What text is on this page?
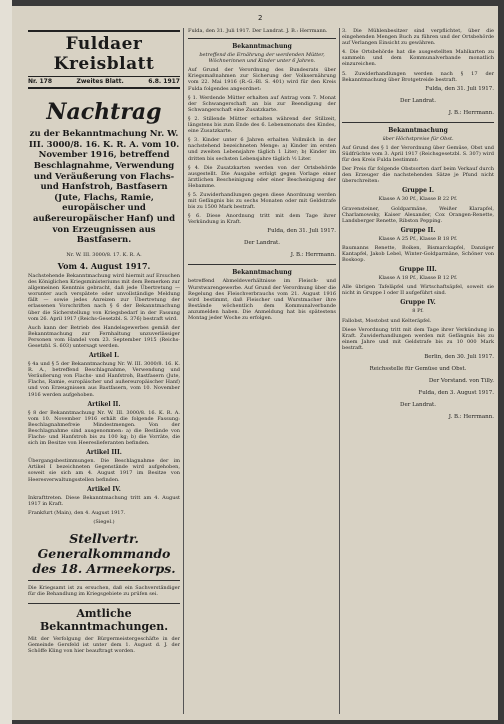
2
Fuldaer Kreisblatt
Nr. 178	Zweites Blatt.	6.8. 1917
Nachtrag
zu der Bekanntmachung Nr. W. III. 3000/8. 16. K. R. A. vom 10. November 1916, betreffend Beschlagnahme, Verwendung und Veräußerung von Flachs- und Hanfstroh, Bastfasern (Jute, Flachs, Ramie, europäischer und außereuropäischer Hanf) und von Erzeugnissen aus Bastfasern.
Nr. W. III. 3000/8. 17. K. R. A.
Vom 4. August 1917.

Nachstehende Bekanntmachung wird hiermit auf Ersuchen des Königlichen Kriegsministeriums mit dem Bemerken zur allgemeinen Kenntnis gebracht, daß jede Übertretung — worunter auch verspätete oder unvollständige Meldung fällt — sowie jedes Anreizen zur Übertretung der erlassenen Vorschriften nach § 6 der Bekanntmachung über die Sicherstellung von Kriegsbedarf in der Fassung vom 26. April 1917 (Reichs-Gesetzbl. S. 376) bestraft wird.

Auch kann der Betrieb des Handelsgewerbes gemäß der Bekanntmachung zur Fernhaltung unzuverlässiger Personen vom Handel vom 23. September 1915 (Reichs-Gesetzbl. S. 603) untersagt werden.

Artikel I.

§ 4a und § 5 der Bekanntmachung Nr. W. III. 3000/8. 16. K. R. A., betreffend Beschlagnahme, Verwendung und Veräußerung von Flachs- und Hanfstroh, Bastfasern (Jute, Flachs, Ramie, europäischer und außereuropäischer Hanf) und von Erzeugnissen aus Bastfasern, vom 10. November 1916 werden aufgehoben.

Artikel II.

§ 8 der Bekanntmachung Nr. W. III. 3000/8. 16. K. R. A. vom 10. November 1916 erhält die folgende Fassung: Beschlagnahmefreie Mindestmengen. Von der Beschlagnahme sind ausgenommen: a) die Bestände von Flachs- und Hanfstroh bis zu 100 kg; b) die Vorräte, die sich im Besitze von Heereslieferanten befinden.

Artikel III.

Übergangsbestimmungen. Die Beschlagnahme der im Artikel I bezeichneten Gegenstände wird aufgehoben, soweit sie sich am 4. August 1917 im Besitze von Heeresverwaltungsstellen befinden.

Artikel IV.

Inkrafttreten. Diese Bekanntmachung tritt am 4. August 1917 in Kraft.

Frankfurt (Main), den 4. August 1917.

(Siegel.)

Stellvertr. Generalkommando des 18. Armeekorps.

Die Kriegsamt ist zu ersuchen, daß ein Sachverständiger für die Behandlung im Kriegsgebiete zu prüfen sei.

Amtliche Bekanntmachungen.

Mit der Verfolgung der Bürgermeistergeschäfte in der Gemeinde Gersfeld ist unter dem 1. August d. J. der Schöffe Kling von hier beauftragt worden.

Fulda, den 31. Juli 1917. Der Landrat. J. B.: Herrmann.

Bekanntmachung

betreffend die Ernährung der werdenden Mütter, Wöchnerinnen und Kinder unter 6 Jahren.

Auf Grund der Verordnung des Bundesrats über Kriegsmaßnahmen zur Sicherung der Volksernährung vom 22. Mai 1916 (R.-G.-Bl. S. 401) wird für den Kreis Fulda folgendes angeordnet:

§ 1. Werdende Mütter erhalten auf Antrag vom 7. Monat der Schwangerschaft an bis zur Beendigung der Schwangerschaft eine Zusatzkarte.

§ 2. Stillende Mütter erhalten während der Stillzeit, längstens bis zum Ende des 6. Lebensmonats des Kindes, eine Zusatzkarte.

§ 3. Kinder unter 6 Jahren erhalten Vollmilch in der nachstehend bezeichneten Menge: a) Kinder im ersten und zweiten Lebensjahre täglich 1 Liter; b) Kinder im dritten bis sechsten Lebensjahre täglich ½ Liter.

§ 4. Die Zusatzkarten werden von der Ortsbehörde ausgestellt. Die Ausgabe erfolgt gegen Vorlage einer ärztlichen Bescheinigung oder einer Bescheinigung der Hebamme.

§ 5. Zuwiderhandlungen gegen diese Anordnung werden mit Gefängnis bis zu sechs Monaten oder mit Geldstrafe bis zu 1500 Mark bestraft.

§ 6. Diese Anordnung tritt mit dem Tage ihrer Verkündung in Kraft.

Fulda, den 31. Juli 1917.
Der Landrat.
J. B.: Herrmann.
Bekanntmachung

betreffend Abmeldeverhältnisse im Fleisch- und Wurstwarengewerbe. Auf Grund der Verordnung über die Regelung des Fleischverbrauchs vom 21. August 1916 wird bestimmt, daß Fleischer und Wurstmacher ihre Bestände wöchentlich dem Kommunalverbande anzumelden haben. Die Anmeldung hat bis spätestens Montag jeder Woche zu erfolgen.

3. Die Mühlenbesitzer sind verpflichtet, über die eingehenden Mengen Buch zu führen und der Ortsbehörde auf Verlangen Einsicht zu gewähren.

4. Die Ortsbehörde hat die ausgestellten Mahlkarten zu sammeln und dem Kommunalverbande monatlich einzureichen.

5. Zuwiderhandlungen werden nach § 17 der Bekanntmachung über Brotgetreide bestraft.

Fulda, den 31. Juli 1917.
Der Landrat.
J. B.: Herrmann.
Bekanntmachung

über Höchstpreise für Obst.

Auf Grund des § 1 der Verordnung über Gemüse, Obst und Südfrüchte vom 3. April 1917 (Reichsgesetzbl. S. 307) wird für den Kreis Fulda bestimmt:

Der Preis für folgende Obstsorten darf beim Verkauf durch den Erzeuger die nachstehenden Sätze je Pfund nicht überschreiten:

Gruppe I.

Klasse A 30 Pf., Klasse B 22 Pf.

Gravensteiner, Goldparmäne, Weißer Klarapfel, Charlamowsky, Kaiser Alexander, Cox Orangen-Renette, Landsberger Renette, Ribston Pepping.

Gruppe II.

Klasse A 25 Pf., Klasse B 18 Pf.

Baumanns Renette, Boiken, Bismarckapfel, Danziger Kantapfel, Jakob Lebel, Winter-Goldparmäne, Schöner von Boskoop.

Gruppe III.

Klasse A 18 Pf., Klasse B 12 Pf.

Alle übrigen Tafeläpfel und Wirtschaftsäpfel, soweit sie nicht in Gruppe I oder II aufgeführt sind.

Gruppe IV.

8 Pf.

Fallobst, Mostobst und Kelteräpfel.

Diese Verordnung tritt mit dem Tage ihrer Verkündung in Kraft. Zuwiderhandlungen werden mit Gefängnis bis zu einem Jahre und mit Geldstrafe bis zu 10 000 Mark bestraft.

Berlin, den 30. Juli 1917.
Reichsstelle für Gemüse und Obst.
Der Vorstand. von Tilly.
Fulda, den 3. August 1917.
Der Landrat.
J. B.: Herrmann.
